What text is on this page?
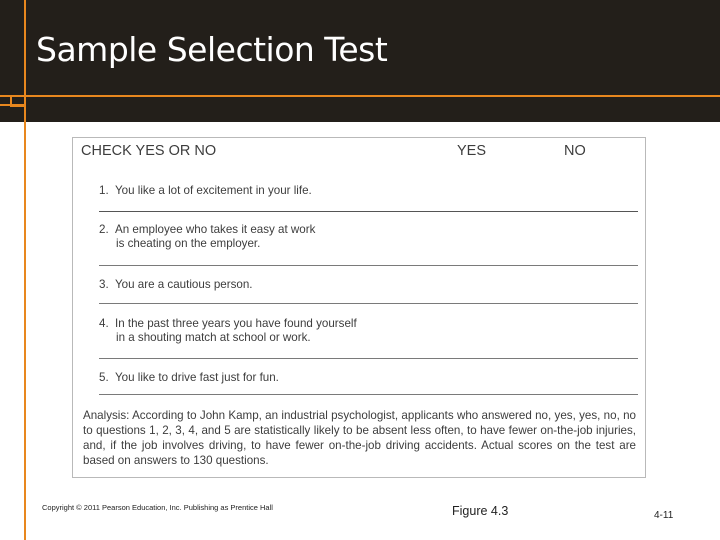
Sample Selection Test
CHECK YES OR NO	YES	NO
1. You like a lot of excitement in your life.
2. An employee who takes it easy at work
is cheating on the employer.
3. You are a cautious person.
4. In the past three years you have found yourself
in a shouting match at school or work.
5. You like to drive fast just for fun.
Analysis: According to John Kamp, an industrial psychologist, applicants who answered no, yes, yes, no, no to questions 1, 2, 3, 4, and 5 are statistically likely to be absent less often, to have fewer on-the-job injuries, and, if the job involves driving, to have fewer on-the-job driving accidents. Actual scores on the test are based on answers to 130 questions.
Copyright © 2011 Pearson Education, Inc. Publishing as Prentice Hall	Figure 4.3	4-11
